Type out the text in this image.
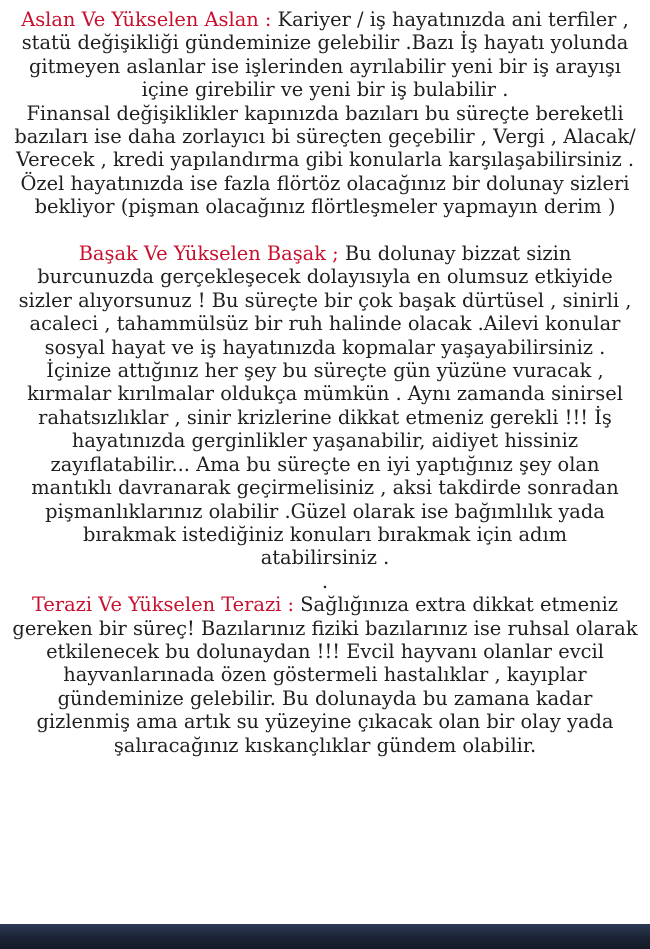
Aslan Ve Yükselen Aslan : Kariyer / iş hayatınızda ani terfiler ,
statü değişikliği gündeminize gelebilir .Bazı İş hayatı yolunda
gitmeyen aslanlar ise işlerinden ayrılabilir yeni bir iş arayışı
içine girebilir ve yeni bir iş bulabilir .
Finansal değişiklikler kapınızda bazıları bu süreçte bereketli
bazıları ise daha zorlayıcı bi süreçten geçebilir , Vergi , Alacak/
Verecek , kredi yapılandırma gibi konularla karşılaşabilirsiniz .
Özel hayatınızda ise fazla flörtöz olacağınız bir dolunay sizleri
bekliyor (pişman olacağınız flörtleşmeler yapmayın derim )
Başak Ve Yükselen Başak ; Bu dolunay bizzat sizin
burcunuzda gerçekleşecek dolayısıyla en olumsuz etkiyide
sizler alıyorsunuz ! Bu süreçte bir çok başak dürtüsel , sinirli ,
acaleci , tahammülsüz bir ruh halinde olacak .Ailevi konular
sosyal hayat ve iş hayatınızda kopmalar yaşayabilirsiniz .
İçinize attığınız her şey bu süreçte gün yüzüne vuracak ,
kırmalar kırılmalar oldukça mümkün . Aynı zamanda sinirsel
rahatsızlıklar , sinir krizlerine dikkat etmeniz gerekli !!! İş
hayatınızda gerginlikler yaşanabilir, aidiyet hissiniz
zayıflatabilir... Ama bu süreçte en iyi yaptığınız şey olan
mantıklı davranarak geçirmelisiniz , aksi takdirde sonradan
pişmanlıklarınız olabilir .Güzel olarak ise bağımlılık yada
bırakmak istediğiniz konuları bırakmak için adım
atabilirsiniz .
.
Terazi Ve Yükselen Terazi : Sağlığınıza extra dikkat etmeniz
gereken bir süreç! Bazılarınız fiziki bazılarınız ise ruhsal olarak
etkilenecek bu dolunaydan !!! Evcil hayvanı olanlar evcil
hayvanlarınada özen göstermeli hastalıklar , kayıplar
gündeminize gelebilir. Bu dolunayda bu zamana kadar
gizlenmiş ama artık su yüzeyine çıkacak olan bir olay yada
şalıracağınız kıskançlıklar gündem olabilir.
